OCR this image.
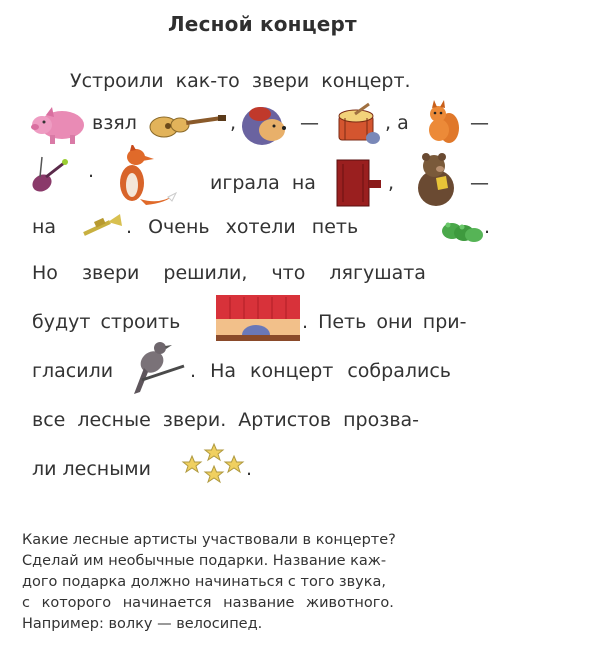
Лесной концерт
Устроили как-то звери концерт.
взял	,	—	, а	—
.
играла на	,	—
на	. Очень хотели петь	.
Но звери решили, что лягушата
будут строить	. Петь они при-
гласили	. На концерт собрались
все лесные звери. Артистов прозва-
ли лесными	.
Какие лесные артисты участвовали в концерте?
Сделай им необычные подарки. Название каж-
дого подарка должно начинаться с того звука,
с которого начинается название животного.
Например: волку — велосипед.
